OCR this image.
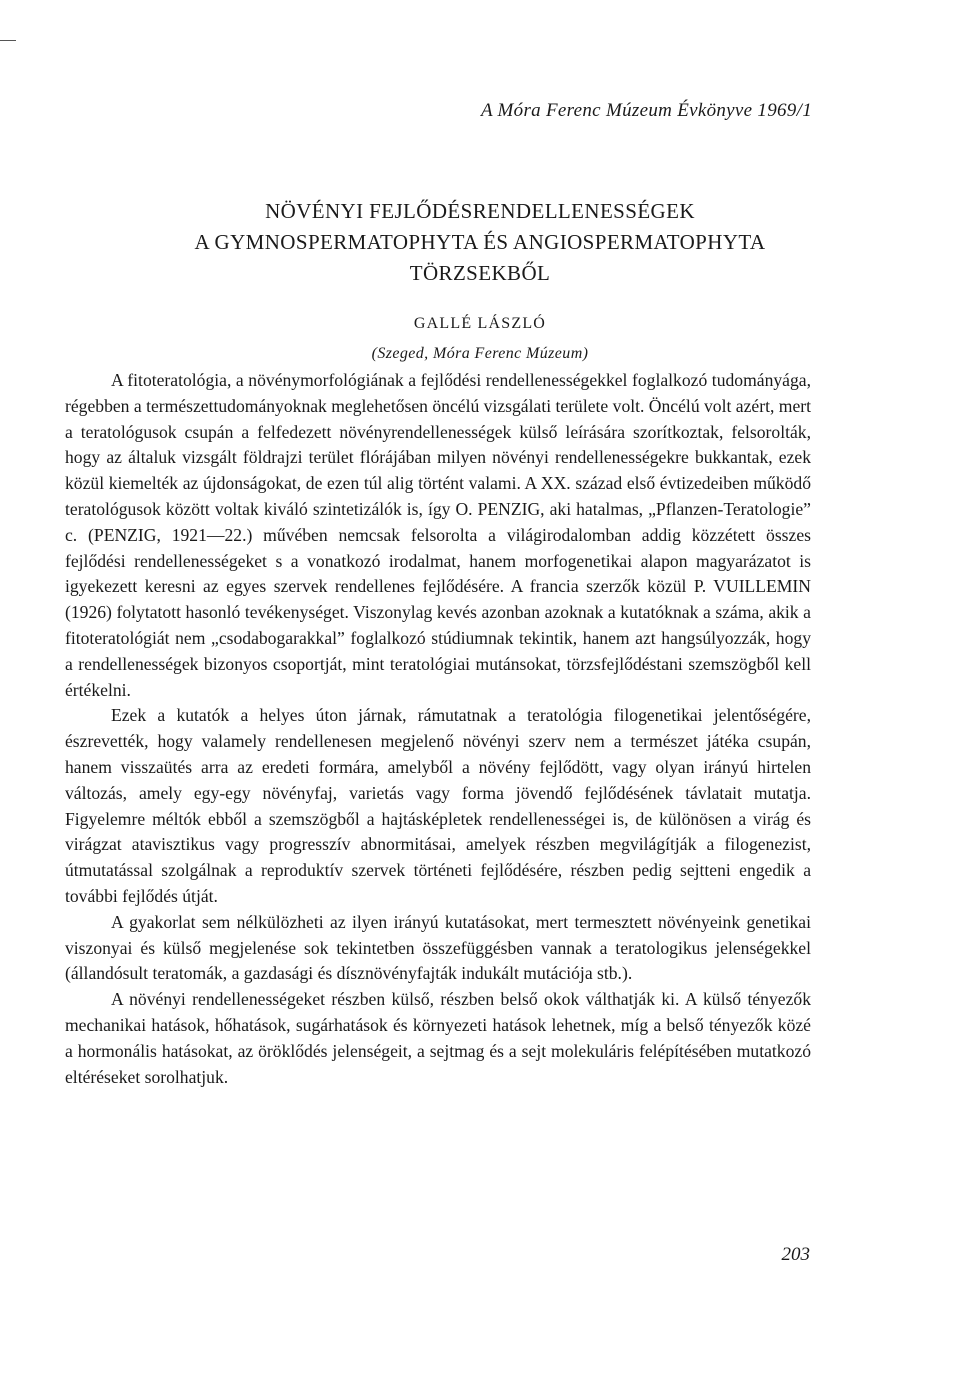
A Móra Ferenc Múzeum Évkönyve 1969/1
NÖVÉNYI FEJLŐDÉSRENDELLENESSÉGEK
A GYMNOSPERMATOPHYTA ÉS ANGIOSPERMATOPHYTA
TÖRZSEKBŐL
GALLÉ LÁSZLÓ
(Szeged, Móra Ferenc Múzeum)

A fitoteratológia, a növénymorfológiának a fejlődési rendellenességekkel foglalkozó tudományága, régebben a természettudományoknak meglehetősen öncélú vizsgálati területe volt. Öncélú volt azért, mert a teratológusok csupán a felfedezett növényrendellenességek külső leírására szorítkoztak, felsorolták, hogy az általuk vizsgált földrajzi terület flórájában milyen növényi rendellenességekre bukkantak, ezek közül kiemelték az újdonságokat, de ezen túl alig történt valami. A XX. század első évtizedeiben működő teratológusok között voltak kiváló szintetizálók is, így O. PENZIG, aki hatalmas, „Pflanzen-Teratologie” c. (PENZIG, 1921—22.) művében nemcsak felsorolta a világirodalomban addig közzétett összes fejlődési rendellenességeket s a vonatkozó irodalmat, hanem morfogenetikai alapon magyarázatot is igyekezett keresni az egyes szervek rendellenes fejlődésére. A francia szerzők közül P. VUILLEMIN (1926) folytatott hasonló tevékenységet. Viszonylag kevés azonban azoknak a kutatóknak a száma, akik a fitoteratológiát nem „csodabogarakkal” foglalkozó stúdiumnak tekintik, hanem azt hangsúlyozzák, hogy a rendellenességek bizonyos csoportját, mint teratológiai mutánsokat, törzsfejlődéstani szemszögből kell értékelni.

Ezek a kutatók a helyes úton járnak, rámutatnak a teratológia filogenetikai jelentőségére, észrevették, hogy valamely rendellenesen megjelenő növényi szerv nem a természet játéka csupán, hanem visszaütés arra az eredeti formára, amelyből a növény fejlődött, vagy olyan irányú hirtelen változás, amely egy-egy növényfaj, varietás vagy forma jövendő fejlődésének távlatait mutatja. Figyelemre méltók ebből a szemszögből a hajtásképletek rendellenességei is, de különösen a virág és virágzat atavisztikus vagy progresszív abnormitásai, amelyek részben megvilágítják a filogenezist, útmutatással szolgálnak a reproduktív szervek történeti fejlődésére, részben pedig sejtteni engedik a további fejlődés útját.

A gyakorlat sem nélkülözheti az ilyen irányú kutatásokat, mert termesztett növényeink genetikai viszonyai és külső megjelenése sok tekintetben összefüggésben vannak a teratologikus jelenségekkel (állandósult teratomák, a gazdasági és dísznövényfajták indukált mutációja stb.).

A növényi rendellenességeket részben külső, részben belső okok válthatják ki. A külső tényezők mechanikai hatások, hőhatások, sugárhatások és környezeti hatások lehetnek, míg a belső tényezők közé a hormonális hatásokat, az öröklődés jelenségeit, a sejtmag és a sejt molekuláris felépítésében mutatkozó eltéréseket sorolhatjuk.

203
